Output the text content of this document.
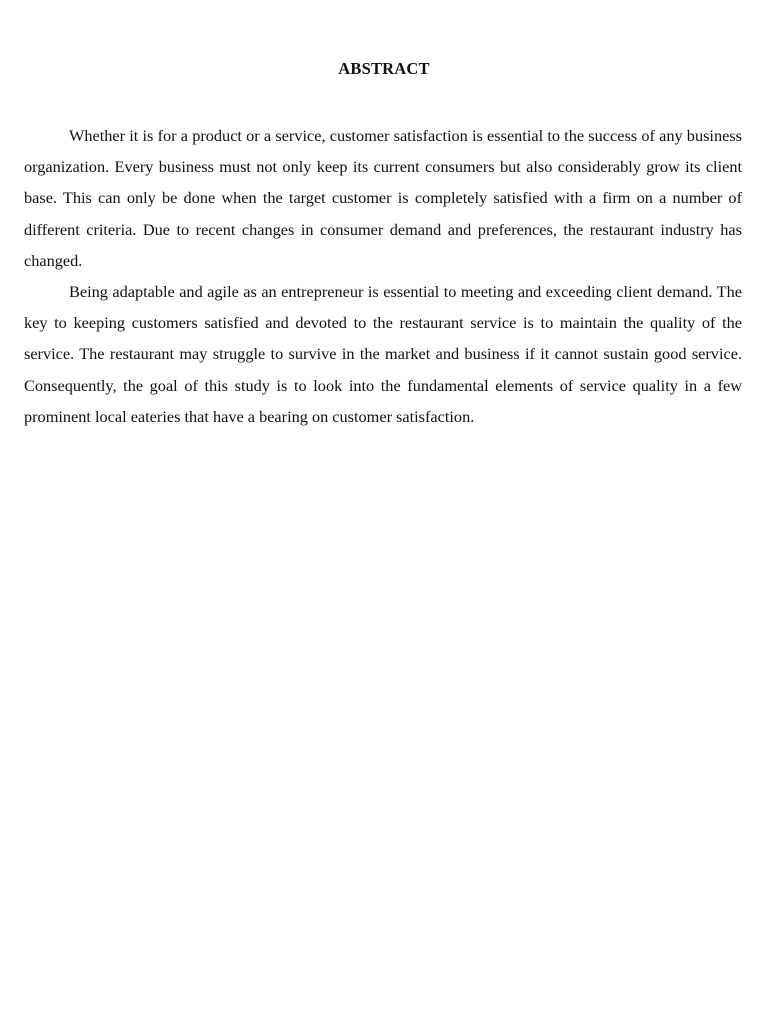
ABSTRACT

Whether it is for a product or a service, customer satisfaction is essential to the success of any business organization. Every business must not only keep its current consumers but also considerably grow its client base. This can only be done when the target customer is completely satisfied with a firm on a number of different criteria. Due to recent changes in consumer demand and preferences, the restaurant industry has changed.

Being adaptable and agile as an entrepreneur is essential to meeting and exceeding client demand. The key to keeping customers satisfied and devoted to the restaurant service is to maintain the quality of the service. The restaurant may struggle to survive in the market and business if it cannot sustain good service. Consequently, the goal of this study is to look into the fundamental elements of service quality in a few prominent local eateries that have a bearing on customer satisfaction.
